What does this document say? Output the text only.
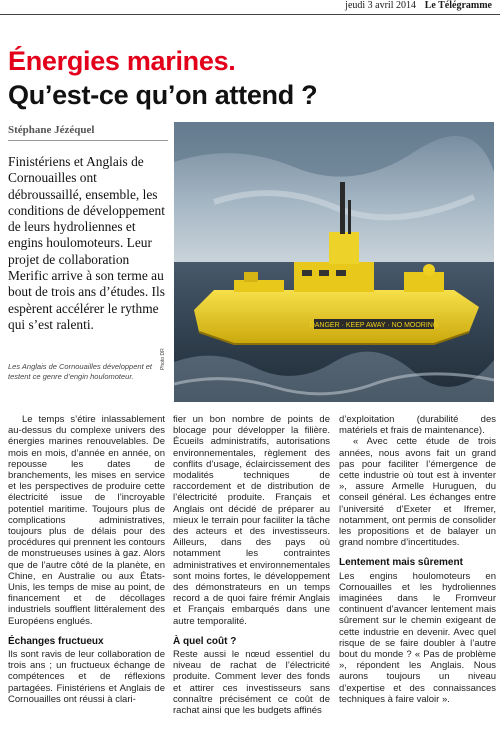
jeudi 3 avril 2014 Le Télégramme
Énergies marines.
Qu’est-ce qu’on attend ?
Stéphane Jézéquel
Finistériens et Anglais de Cornouailles ont débroussaillé, ensemble, les conditions de développement de leurs hydroliennes et engins houlomoteurs. Leur projet de collaboration Merific arrive à son terme au bout de trois ans d’études. Ils espèrent accélérer le rythme qui s’est ralenti.
Les Anglais de Cornouailles développent et testent ce genre d’engin houlomoteur.
DANGER · KEEP AWAY · NO MOORING
Photo DR

Le temps s’étire inlassablement au-dessus du complexe univers des énergies marines renouvelables. De mois en mois, d’année en année, on repousse les dates de branchements, les mises en service et les perspectives de produire cette électricité issue de l’incroyable potentiel maritime. Toujours plus de complications administratives, toujours plus de délais pour des procédures qui prennent les contours de monstrueuses usines à gaz. Alors que de l’autre côté de la planète, en Chine, en Australie ou aux États-Unis, les temps de mise au point, de financement et de décollages industriels soufflent littéralement des Européens englués.

Échanges fructueux

Ils sont ravis de leur collaboration de trois ans ; un fructueux échange de compétences et de réflexions partagées. Finistériens et Anglais de Cornouailles ont réussi à clari-

fier un bon nombre de points de blocage pour développer la filière. Écueils administratifs, autorisations environnementales, règlement des conflits d’usage, éclaircissement des modalités techniques de raccordement et de distribution de l’électricité produite. Français et Anglais ont décidé de préparer au mieux le terrain pour faciliter la tâche des acteurs et des investisseurs. Ailleurs, dans des pays où notamment les contraintes administratives et environnementales sont moins fortes, le développement des démonstrateurs en un temps record a de quoi faire frémir Anglais et Français embarqués dans une autre temporalité.

À quel coût ?

Reste aussi le nœud essentiel du niveau de rachat de l’électricité produite. Comment lever des fonds et attirer ces investisseurs sans connaître précisément ce coût de rachat ainsi que les budgets affinés

d’exploitation (durabilité des matériels et frais de maintenance).

« Avec cette étude de trois années, nous avons fait un grand pas pour faciliter l’émergence de cette industrie où tout est à inventer », assure Armelle Huruguen, du conseil général. Les échanges entre l’université d’Exeter et Ifremer, notamment, ont permis de consolider les propositions et de balayer un grand nombre d’incertitudes.

Lentement mais sûrement

Les engins houlomoteurs en Cornouailles et les hydroliennes imaginées dans le Fromveur continuent d’avancer lentement mais sûrement sur le chemin exigeant de cette industrie en devenir. Avec quel risque de se faire doubler à l’autre bout du monde ? « Pas de problème », répondent les Anglais. Nous aurons toujours un niveau d’expertise et des connaissances techniques à faire valoir ».
